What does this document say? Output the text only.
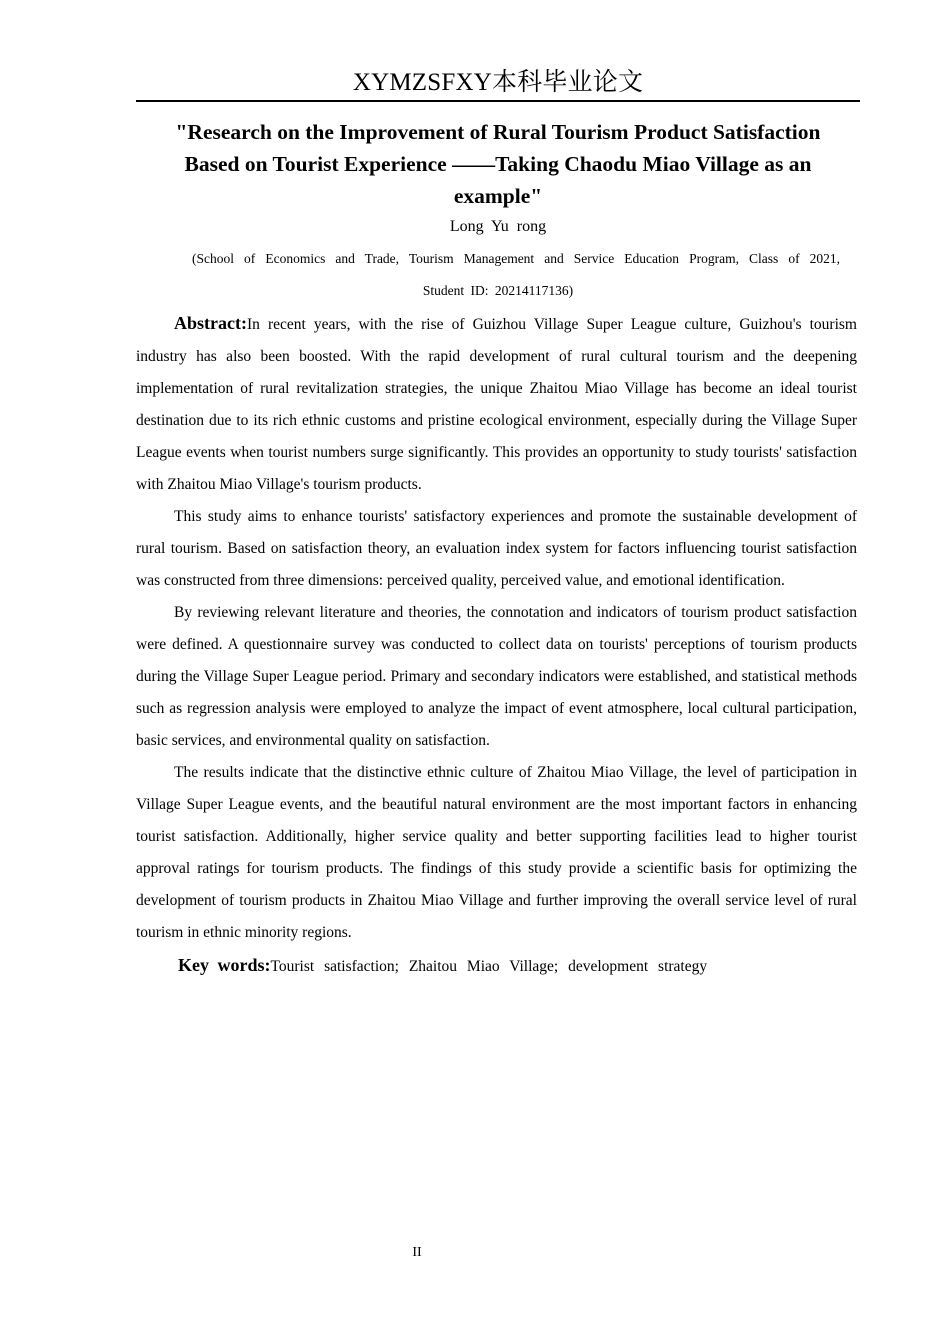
XYMZSFXY本科毕业论文
"Research on the Improvement of Rural Tourism Product Satisfaction Based on Tourist Experience ——Taking Chaodu Miao Village as an example"
Long Yu rong
(School of Economics and Trade, Tourism Management and Service Education Program, Class of 2021,
Student ID: 20214117136)

Abstract:In recent years, with the rise of Guizhou Village Super League culture, Guizhou's tourism industry has also been boosted. With the rapid development of rural cultural tourism and the deepening implementation of rural revitalization strategies, the unique Zhaitou Miao Village has become an ideal tourist destination due to its rich ethnic customs and pristine ecological environment, especially during the Village Super League events when tourist numbers surge significantly. This provides an opportunity to study tourists' satisfaction with Zhaitou Miao Village's tourism products.

This study aims to enhance tourists' satisfactory experiences and promote the sustainable development of rural tourism. Based on satisfaction theory, an evaluation index system for factors influencing tourist satisfaction was constructed from three dimensions: perceived quality, perceived value, and emotional identification.

By reviewing relevant literature and theories, the connotation and indicators of tourism product satisfaction were defined. A questionnaire survey was conducted to collect data on tourists' perceptions of tourism products during the Village Super League period. Primary and secondary indicators were established, and statistical methods such as regression analysis were employed to analyze the impact of event atmosphere, local cultural participation, basic services, and environmental quality on satisfaction.

The results indicate that the distinctive ethnic culture of Zhaitou Miao Village, the level of participation in Village Super League events, and the beautiful natural environment are the most important factors in enhancing tourist satisfaction. Additionally, higher service quality and better supporting facilities lead to higher tourist approval ratings for tourism products. The findings of this study provide a scientific basis for optimizing the development of tourism products in Zhaitou Miao Village and further improving the overall service level of rural tourism in ethnic minority regions.

Key words:Tourist satisfaction; Zhaitou Miao Village; development strategy
II
